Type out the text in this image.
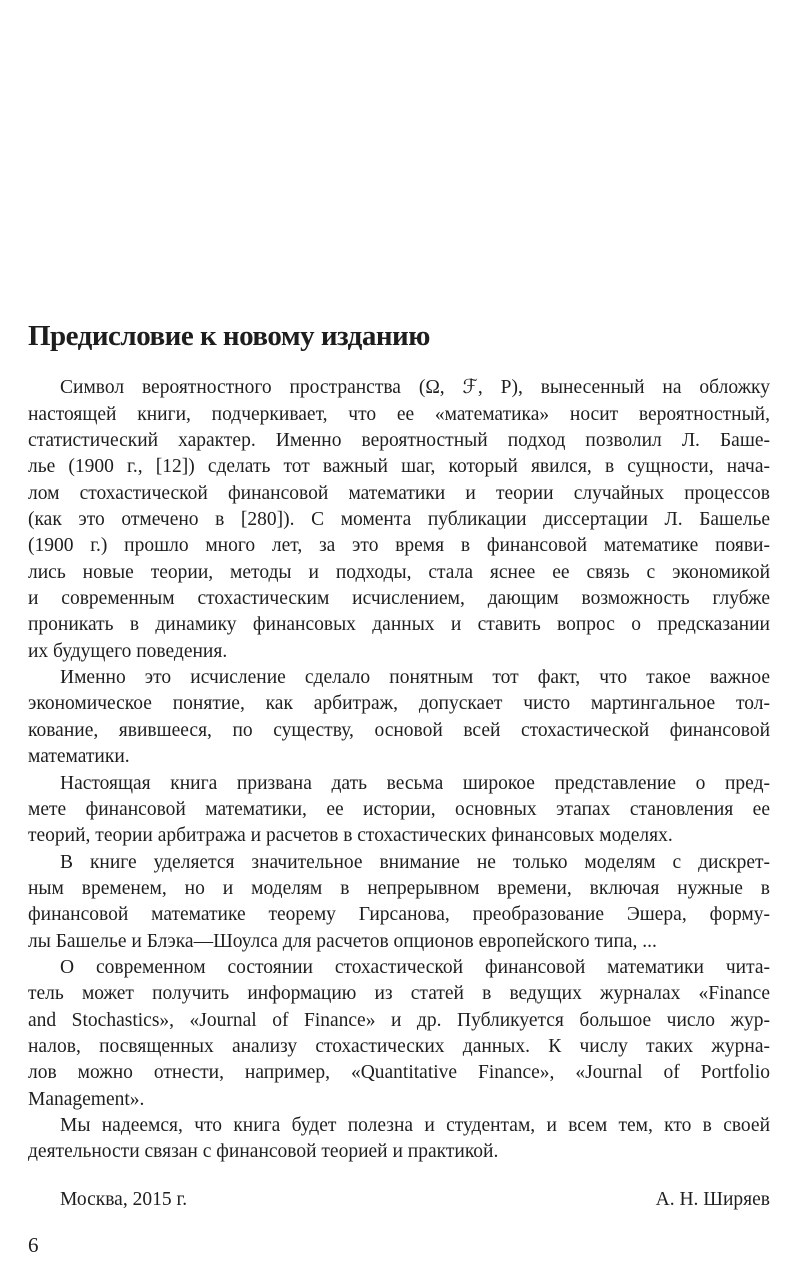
Предисловие к новому изданию
Символ вероятностного пространства (Ω, ℱ, P), вынесенный на обложку
настоящей книги, подчеркивает, что ее «математика» носит вероятностный,
статистический характер. Именно вероятностный подход позволил Л. Баше-
лье (1900 г., [12]) сделать тот важный шаг, который явился, в сущности, нача-
лом стохастической финансовой математики и теории случайных процессов
(как это отмечено в [280]). С момента публикации диссертации Л. Башелье
(1900 г.) прошло много лет, за это время в финансовой математике появи-
лись новые теории, методы и подходы, стала яснее ее связь с экономикой
и современным стохастическим исчислением, дающим возможность глубже
проникать в динамику финансовых данных и ставить вопрос о предсказании
их будущего поведения.
Именно это исчисление сделало понятным тот факт, что такое важное
экономическое понятие, как арбитраж, допускает чисто мартингальное тол-
кование, явившееся, по существу, основой всей стохастической финансовой
математики.
Настоящая книга призвана дать весьма широкое представление о пред-
мете финансовой математики, ее истории, основных этапах становления ее
теорий, теории арбитража и расчетов в стохастических финансовых моделях.
В книге уделяется значительное внимание не только моделям с дискрет-
ным временем, но и моделям в непрерывном времени, включая нужные в
финансовой математике теорему Гирсанова, преобразование Эшера, форму-
лы Башелье и Блэка—Шоулса для расчетов опционов европейского типа, ...
О современном состоянии стохастической финансовой математики чита-
тель может получить информацию из статей в ведущих журналах «Finance
and Stochastics», «Journal of Finance» и др. Публикуется большое число жур-
налов, посвященных анализу стохастических данных. К числу таких журна-
лов можно отнести, например, «Quantitative Finance», «Journal of Portfolio
Management».
Мы надеемся, что книга будет полезна и студентам, и всем тем, кто в своей
деятельности связан с финансовой теорией и практикой.
Москва, 2015 г.	А. Н. Ширяев
6
